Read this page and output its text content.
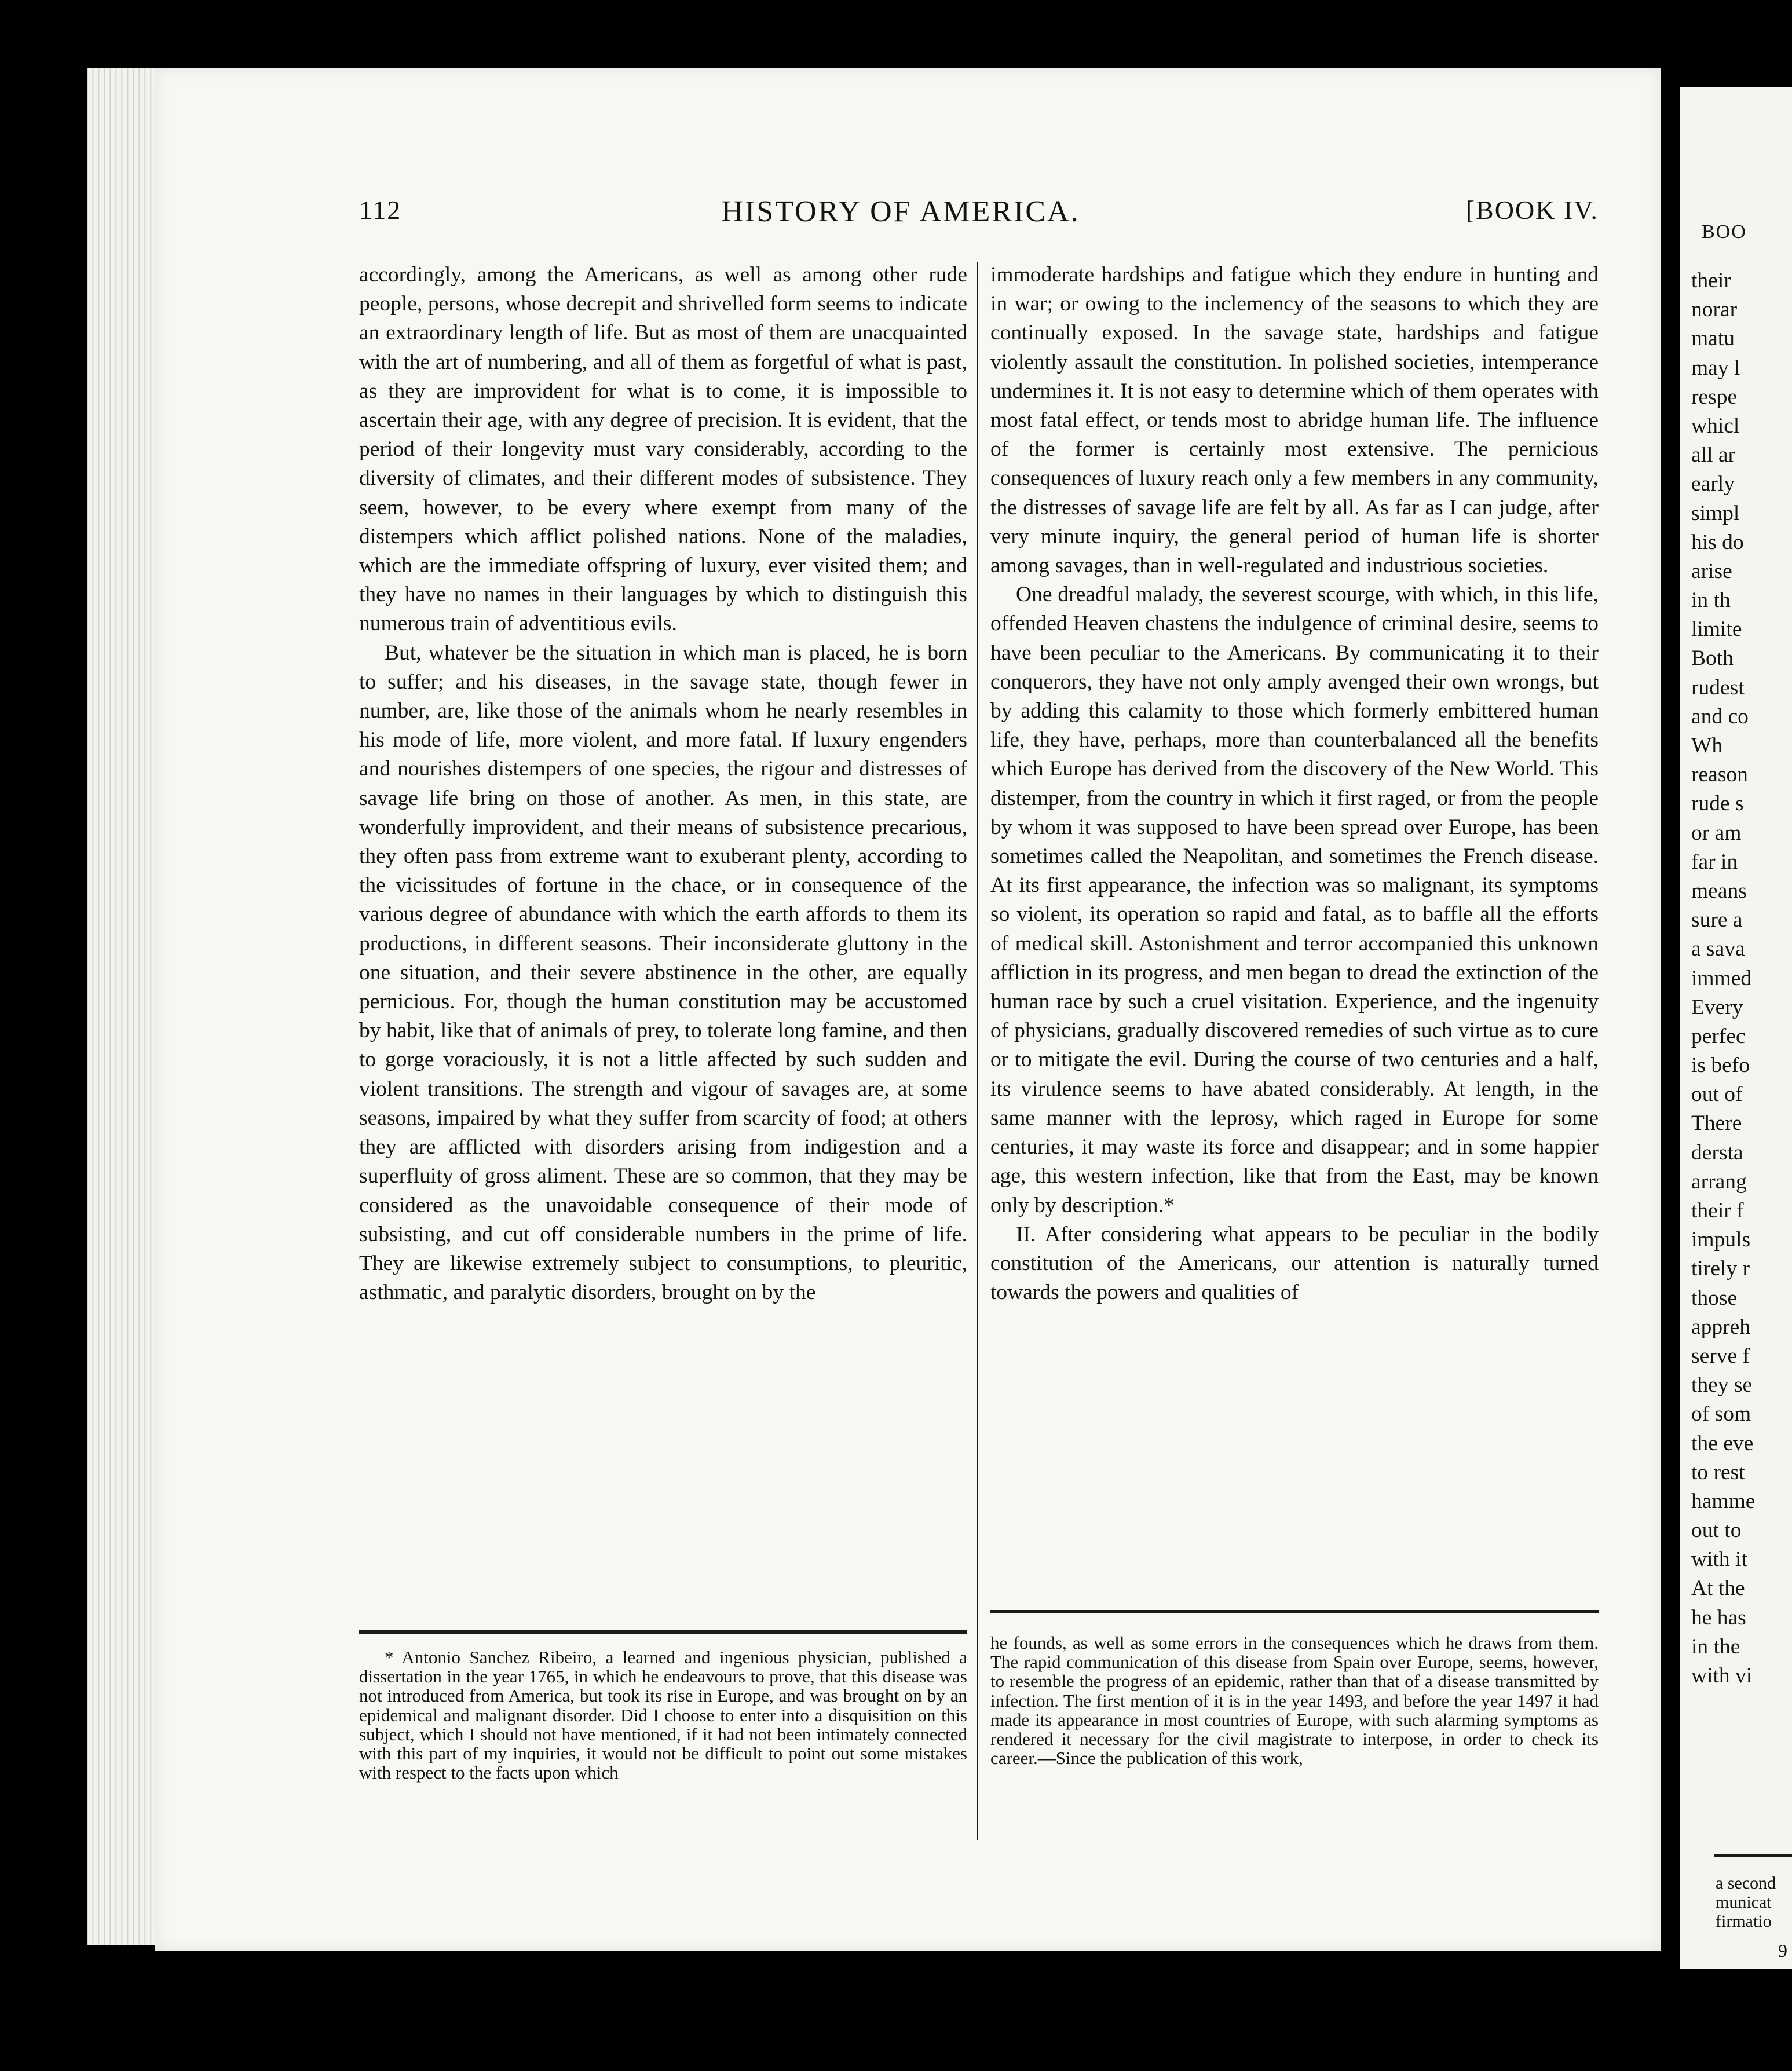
112	HISTORY OF AMERICA.	[BOOK IV.

accordingly, among the Americans, as well as among other rude people, persons, whose decrepit and shrivelled form seems to indicate an extraordinary length of life. But as most of them are unacquainted with the art of numbering, and all of them as forgetful of what is past, as they are improvident for what is to come, it is impossible to ascertain their age, with any degree of precision. It is evident, that the period of their longevity must vary considerably, according to the diversity of climates, and their different modes of subsistence. They seem, however, to be every where exempt from many of the distempers which afflict polished nations. None of the maladies, which are the immediate offspring of luxury, ever visited them; and they have no names in their languages by which to distinguish this numerous train of adventitious evils.

But, whatever be the situation in which man is placed, he is born to suffer; and his diseases, in the savage state, though fewer in number, are, like those of the animals whom he nearly resembles in his mode of life, more violent, and more fatal. If luxury engenders and nourishes distempers of one species, the rigour and distresses of savage life bring on those of another. As men, in this state, are wonderfully improvident, and their means of subsistence precarious, they often pass from extreme want to exuberant plenty, according to the vicissitudes of fortune in the chace, or in consequence of the various degree of abundance with which the earth affords to them its productions, in different seasons. Their inconsiderate gluttony in the one situation, and their severe abstinence in the other, are equally pernicious. For, though the human constitution may be accustomed by habit, like that of animals of prey, to tolerate long famine, and then to gorge voraciously, it is not a little affected by such sudden and violent transitions. The strength and vigour of savages are, at some seasons, impaired by what they suffer from scarcity of food; at others they are afflicted with disorders arising from indigestion and a superfluity of gross aliment. These are so common, that they may be considered as the unavoidable consequence of their mode of subsisting, and cut off considerable numbers in the prime of life. They are likewise extremely subject to consumptions, to pleuritic, asthmatic, and paralytic disorders, brought on by the

immoderate hardships and fatigue which they endure in hunting and in war; or owing to the inclemency of the seasons to which they are continually exposed. In the savage state, hardships and fatigue violently assault the constitution. In polished societies, intemperance undermines it. It is not easy to determine which of them operates with most fatal effect, or tends most to abridge human life. The influence of the former is certainly most extensive. The pernicious consequences of luxury reach only a few members in any community, the distresses of savage life are felt by all. As far as I can judge, after very minute inquiry, the general period of human life is shorter among savages, than in well-regulated and industrious societies.

One dreadful malady, the severest scourge, with which, in this life, offended Heaven chastens the indulgence of criminal desire, seems to have been peculiar to the Americans. By communicating it to their conquerors, they have not only amply avenged their own wrongs, but by adding this calamity to those which formerly embittered human life, they have, perhaps, more than counterbalanced all the benefits which Europe has derived from the discovery of the New World. This distemper, from the country in which it first raged, or from the people by whom it was supposed to have been spread over Europe, has been sometimes called the Neapolitan, and sometimes the French disease. At its first appearance, the infection was so malignant, its symptoms so violent, its operation so rapid and fatal, as to baffle all the efforts of medical skill. Astonishment and terror accompanied this unknown affliction in its progress, and men began to dread the extinction of the human race by such a cruel visitation. Experience, and the ingenuity of physicians, gradually discovered remedies of such virtue as to cure or to mitigate the evil. During the course of two centuries and a half, its virulence seems to have abated considerably. At length, in the same manner with the leprosy, which raged in Europe for some centuries, it may waste its force and disappear; and in some happier age, this western infection, like that from the East, may be known only by description.*

II. After considering what appears to be peculiar in the bodily constitution of the Americans, our attention is naturally turned towards the powers and qualities of

* Antonio Sanchez Ribeiro, a learned and ingenious physician, published a dissertation in the year 1765, in which he endeavours to prove, that this disease was not introduced from America, but took its rise in Europe, and was brought on by an epidemical and malignant disorder. Did I choose to enter into a disquisition on this subject, which I should not have mentioned, if it had not been intimately connected with this part of my inquiries, it would not be difficult to point out some mistakes with respect to the facts upon which

he founds, as well as some errors in the consequences which he draws from them. The rapid communication of this disease from Spain over Europe, seems, however, to resemble the progress of an epidemic, rather than that of a disease transmitted by infection. The first mention of it is in the year 1493, and before the year 1497 it had made its appearance in most countries of Europe, with such alarming symptoms as rendered it necessary for the civil magistrate to interpose, in order to check its career.—Since the publication of this work,

BOO
their
norar
matu
may l
respe
whicl
all ar
early
simpl
his do
arise
in th
limite
Both
rudest
and co
Wh
reason
rude s
or am
far in
means
sure a
a sava
immed
Every
perfec
is befo
out of
There
dersta
arrang
their f
impuls
tirely r
those
appreh
serve f
they se
of som
the eve
to rest
hamme
out to
with it
At the
he has
in the
with vi
a second
municat
firmatio
9
